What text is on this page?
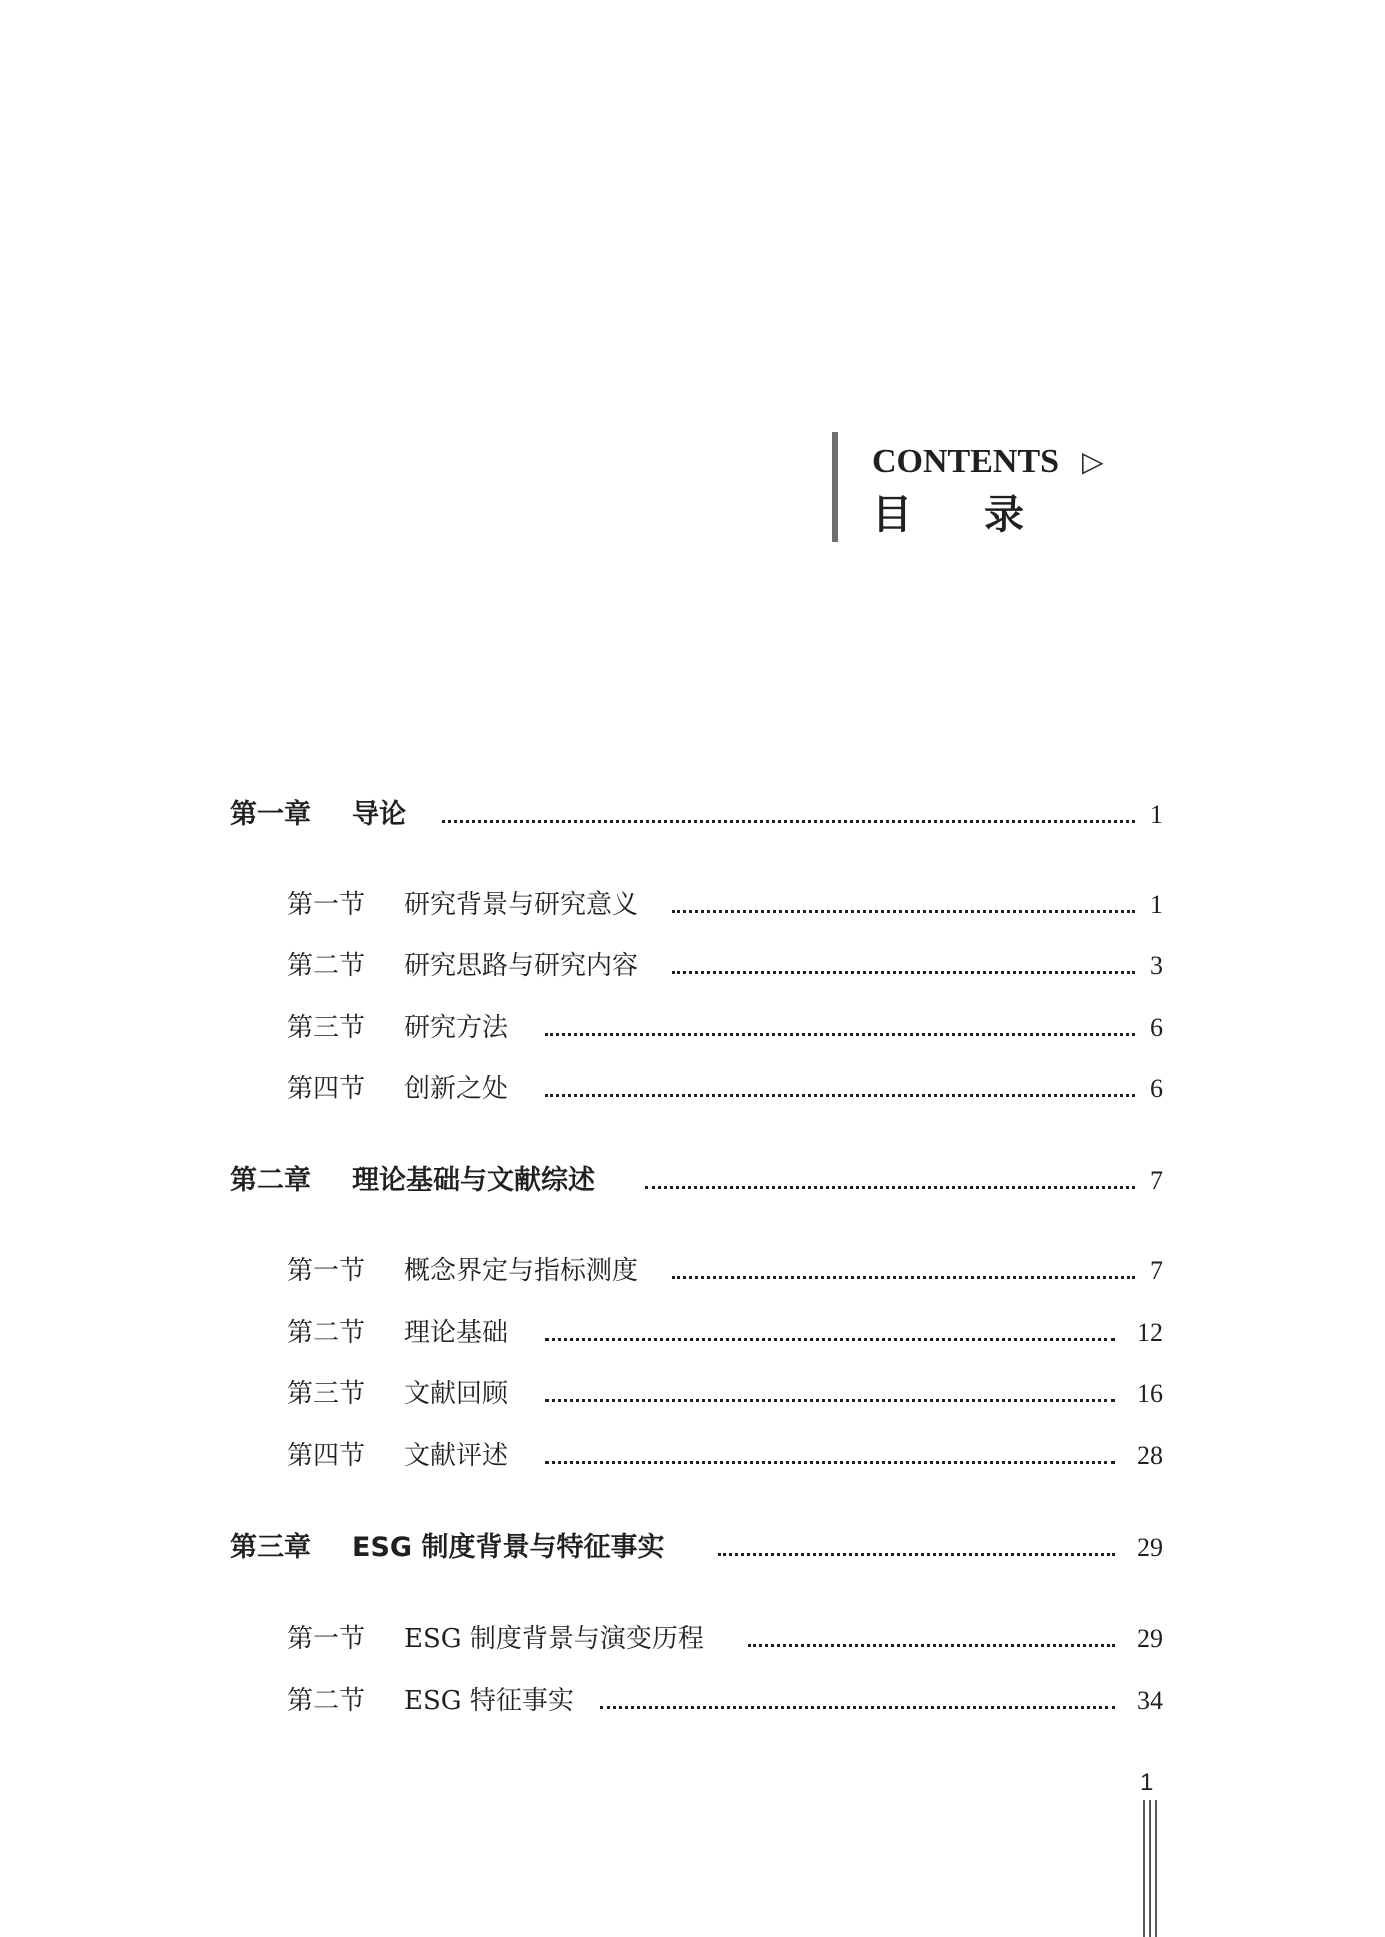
CONTENTS ▷
目录
第一章 导论	1
第一节 研究背景与研究意义	1
第二节 研究思路与研究内容	3
第三节 研究方法	6
第四节 创新之处	6
第二章 理论基础与文献综述	7
第一节 概念界定与指标测度	7
第二节 理论基础	12
第三节 文献回顾	16
第四节 文献评述	28
第三章 ESG 制度背景与特征事实	29
第一节 ESG 制度背景与演变历程	29
第二节 ESG 特征事实	34
1
